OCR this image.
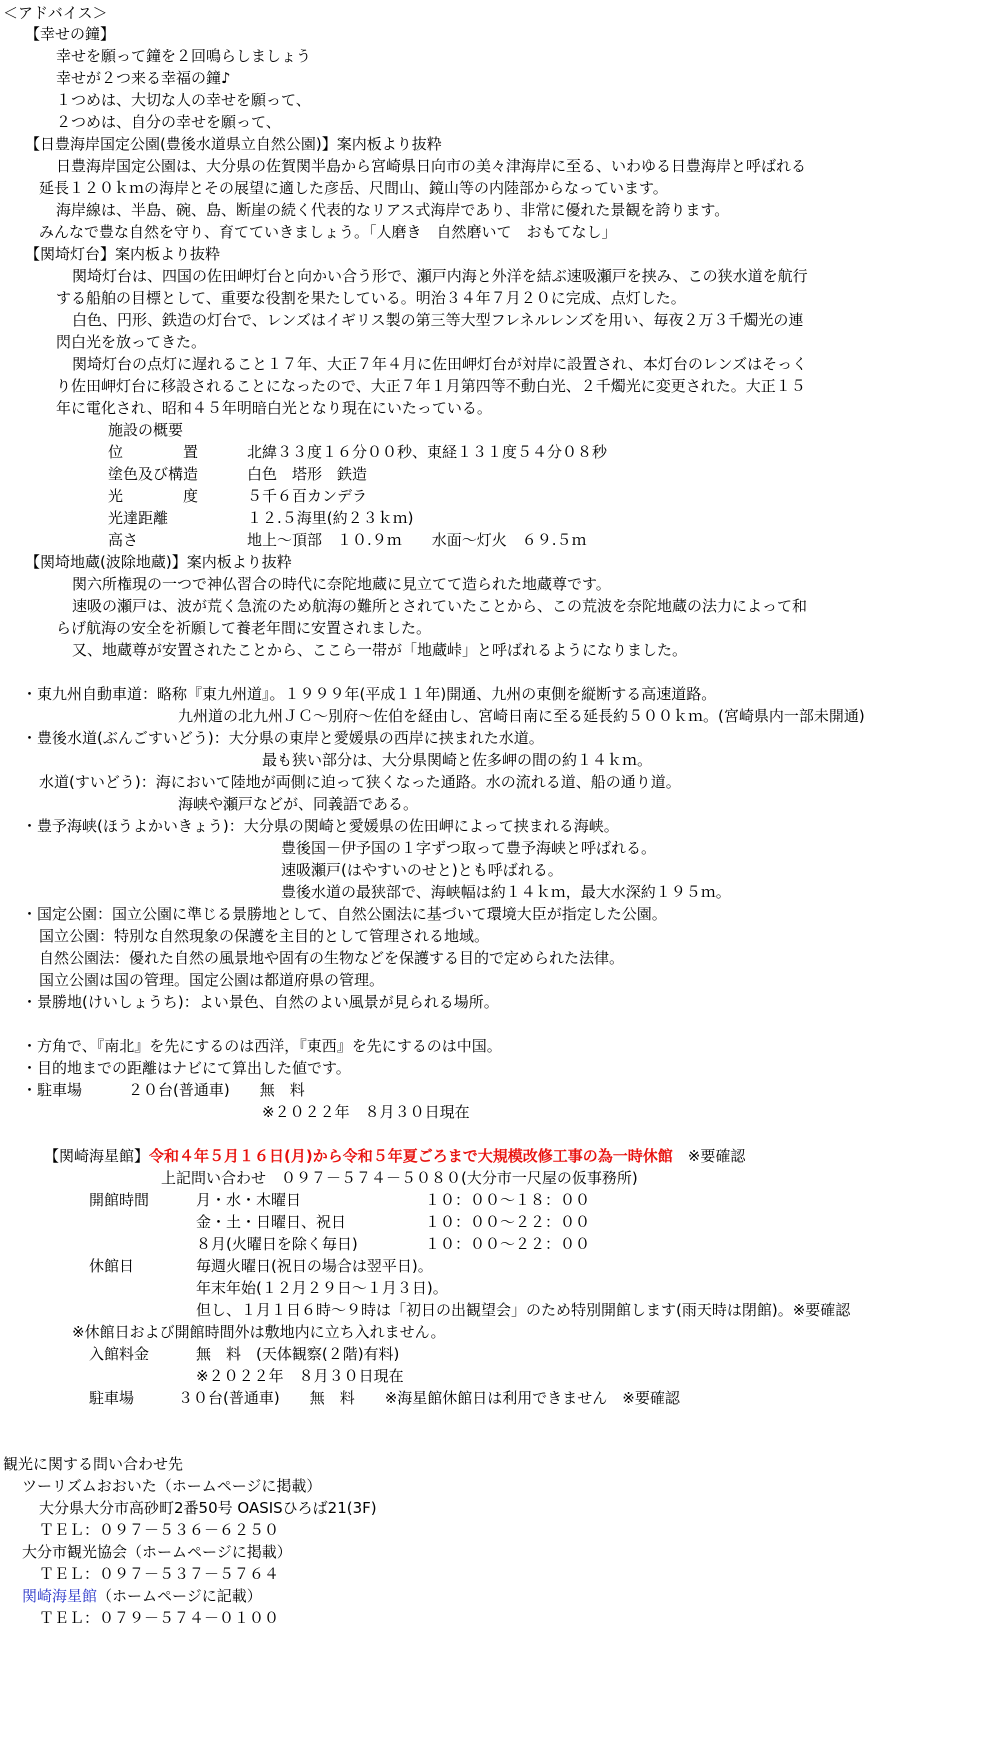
＜アドバイス＞
【幸せの鐘】
幸せを願って鐘を２回鳴らしましょう
幸せが２つ来る幸福の鐘♪
１つめは、大切な人の幸せを願って、
２つめは、自分の幸せを願って、
【日豊海岸国定公園(豊後水道県立自然公園)】案内板より抜粋
日豊海岸国定公園は、大分県の佐賀関半島から宮崎県日向市の美々津海岸に至る、いわゆる日豊海岸と呼ばれる
延長１２０ｋｍの海岸とその展望に適した彦岳、尺間山、鏡山等の内陸部からなっています。
海岸線は、半島、碗、島、断崖の続く代表的なリアス式海岸であり、非常に優れた景観を誇ります。
みんなで豊な自然を守り、育てていきましょう。「人磨き　自然磨いて　おもてなし」
【関埼灯台】案内板より抜粋
関埼灯台は、四国の佐田岬灯台と向かい合う形で、瀬戸内海と外洋を結ぶ速吸瀬戸を挟み、この狭水道を航行
する船舶の目標として、重要な役割を果たしている。明治３４年７月２０に完成、点灯した。
白色、円形、鉄造の灯台で、レンズはイギリス製の第三等大型フレネルレンズを用い、毎夜２万３千燭光の連
閃白光を放ってきた。
関埼灯台の点灯に遅れること１７年、大正７年４月に佐田岬灯台が対岸に設置され、本灯台のレンズはそっく
り佐田岬灯台に移設されることになったので、大正７年１月第四等不動白光、２千燭光に変更された。大正１５
年に電化され、昭和４５年明暗白光となり現在にいたっている。
施設の概要
位　　　　置	北緯３３度１６分００秒、東経１３１度５４分０８秒
塗色及び構造	白色　塔形　鉄造
光　　　　度	５千６百カンデラ
光達距離	１２.５海里(約２３ｋｍ)
高さ	地上～頂部　１０.９ｍ　　水面～灯火　６９.５ｍ
【関埼地蔵(波除地蔵)】案内板より抜粋
関六所権現の一つで神仏習合の時代に奈陀地蔵に見立てて造られた地蔵尊です。
速吸の瀬戸は、波が荒く急流のため航海の難所とされていたことから、この荒波を奈陀地蔵の法力によって和
らげ航海の安全を祈願して養老年間に安置されました。
又、地蔵尊が安置されたことから、ここら一帯が「地蔵峠」と呼ばれるようになりました。
・東九州自動車道：略称『東九州道』。１９９９年(平成１１年)開通、九州の東側を縦断する高速道路。
九州道の北九州ＪＣ～別府～佐伯を経由し、宮崎日南に至る延長約５００ｋｍ。(宮崎県内一部未開通)
・豊後水道(ぶんごすいどう)：大分県の東岸と愛媛県の西岸に挟まれた水道。
最も狭い部分は、大分県関崎と佐多岬の間の約１４ｋｍ。
水道(すいどう)：海において陸地が両側に迫って狭くなった通路。水の流れる道、船の通り道。
海峡や瀬戸などが、同義語である。
・豊予海峡(ほうよかいきょう)：大分県の関崎と愛媛県の佐田岬によって挟まれる海峡。
豊後国－伊予国の１字ずつ取って豊予海峡と呼ばれる。
速吸瀬戸(はやすいのせと)とも呼ばれる。
豊後水道の最狭部で、海峡幅は約１４ｋｍ，最大水深約１９５ｍ。
・国定公園：国立公園に準じる景勝地として、自然公園法に基づいて環境大臣が指定した公園。
国立公園：特別な自然現象の保護を主目的として管理される地域。
自然公園法：優れた自然の風景地や固有の生物などを保護する目的で定められた法律。
国立公園は国の管理。国定公園は都道府県の管理。
・景勝地(けいしょうち)：よい景色、自然のよい風景が見られる場所。
・方角で、『南北』を先にするのは西洋，『東西』を先にするのは中国。
・目的地までの距離はナビにて算出した値です。
・駐車場	２０台(普通車)　　無　料
※２０２２年　８月３０日現在
【関崎海星館】令和４年５月１６日(月)から令和５年夏ごろまで大規模改修工事の為一時休館　 ※要確認
上記問い合わせ　０９７－５７４－５０８０(大分市一尺屋の仮事務所)
開館時間	月・水・木曜日	１０：００～１８：００
金・土・日曜日、祝日	１０：００～２２：００
８月(火曜日を除く毎日)	１０：００～２２：００
休館日	毎週火曜日(祝日の場合は翌平日)。
年末年始(１２月２９日～１月３日)。
但し、１月１日６時～９時は「初日の出観望会」のため特別開館します(雨天時は閉館)。※要確認
※休館日および開館時間外は敷地内に立ち入れません。
入館料金	無　料　(天体観察(２階)有料)
※２０２２年　８月３０日現在
駐車場	３０台(普通車)　　無　料　　※海星館休館日は利用できません　※要確認
観光に関する問い合わせ先
ツーリズムおおいた（ホームページに掲載）
大分県大分市高砂町2番50号 OASISひろば21(3F)
ＴＥＬ：０９７－５３６－６２５０
大分市観光協会（ホームページに掲載）
ＴＥＬ：０９７－５３７－５７６４
関崎海星館（ホームページに記載）
ＴＥＬ：０７９－５７４－０１００
